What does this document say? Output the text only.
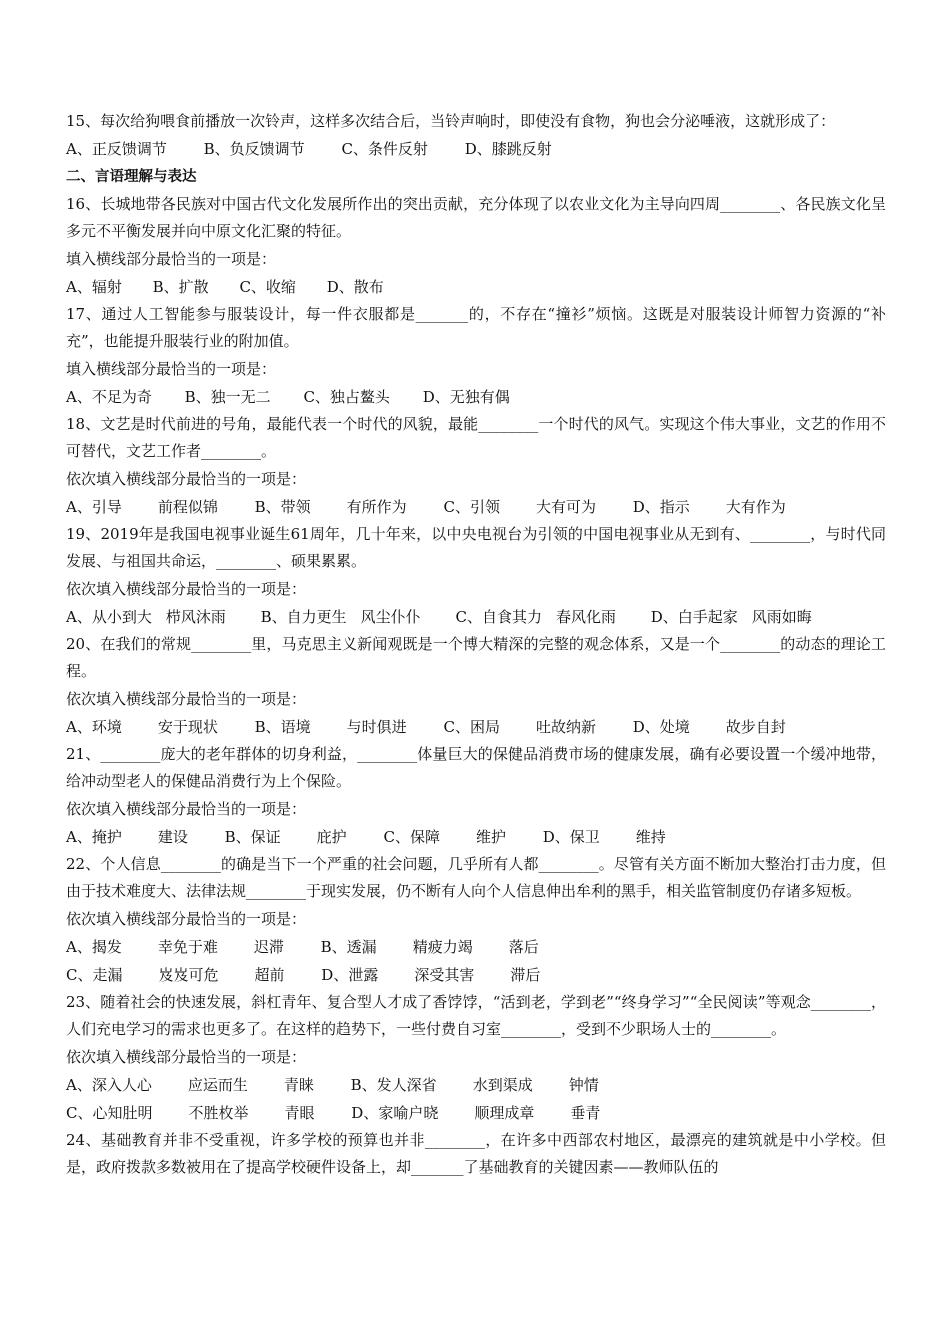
15、每次给狗喂食前播放一次铃声，这样多次结合后，当铃声响时，即使没有食物，狗也会分泌唾液，这就形成了：

A、正反馈调节 B、负反馈调节 C、条件反射 D、膝跳反射

二、言语理解与表达

16、长城地带各民族对中国古代文化发展所作出的突出贡献，充分体现了以农业文化为主导向四周________、各民族文化呈多元不平衡发展并向中原文化汇聚的特征。

填入横线部分最恰当的一项是：

A、辐射 B、扩散 C、收缩 D、散布

17、通过人工智能参与服装设计，每一件衣服都是_______的，不存在“撞衫”烦恼。这既是对服装设计师智力资源的“补充”，也能提升服装行业的附加值。

填入横线部分最恰当的一项是：

A、不足为奇 B、独一无二 C、独占鳌头 D、无独有偶

18、文艺是时代前进的号角，最能代表一个时代的风貌，最能________一个时代的风气。实现这个伟大事业，文艺的作用不可替代，文艺工作者________。

依次填入横线部分最恰当的一项是：

A、引导 前程似锦 B、带领 有所作为 C、引领 大有可为 D、指示 大有作为

19、2019年是我国电视事业诞生61周年，几十年来，以中央电视台为引领的中国电视事业从无到有、________，与时代同发展、与祖国共命运，________、硕果累累。

依次填入横线部分最恰当的一项是：

A、从小到大 栉风沐雨 B、自力更生 风尘仆仆 C、自食其力 春风化雨 D、白手起家 风雨如晦

20、在我们的常规________里，马克思主义新闻观既是一个博大精深的完整的观念体系，又是一个________的动态的理论工程。

依次填入横线部分最恰当的一项是：

A、环境 安于现状 B、语境 与时俱进 C、困局 吐故纳新 D、处境 故步自封

21、________庞大的老年群体的切身利益，________体量巨大的保健品消费市场的健康发展，确有必要设置一个缓冲地带，给冲动型老人的保健品消费行为上个保险。

依次填入横线部分最恰当的一项是：

A、掩护 建设 B、保证 庇护 C、保障 维护 D、保卫 维持

22、个人信息________的确是当下一个严重的社会问题，几乎所有人都________。尽管有关方面不断加大整治打击力度，但由于技术难度大、法律法规________于现实发展，仍不断有人向个人信息伸出牟利的黑手，相关监管制度仍存诸多短板。

依次填入横线部分最恰当的一项是：

A、揭发 幸免于难 迟滞 B、透漏 精疲力竭 落后

C、走漏 岌岌可危 超前 D、泄露 深受其害 滞后

23、随着社会的快速发展，斜杠青年、复合型人才成了香饽饽，“活到老，学到老”“终身学习”“全民阅读”等观念________，人们充电学习的需求也更多了。在这样的趋势下，一些付费自习室________，受到不少职场人士的________。

依次填入横线部分最恰当的一项是：

A、深入人心 应运而生 青睐 B、发人深省 水到渠成 钟情

C、心知肚明 不胜枚举 青眼 D、家喻户晓 顺理成章 垂青

24、基础教育并非不受重视，许多学校的预算也并非________，在许多中西部农村地区，最漂亮的建筑就是中小学校。但是，政府拨款多数被用在了提高学校硬件设备上，却_______了基础教育的关键因素——教师队伍的
